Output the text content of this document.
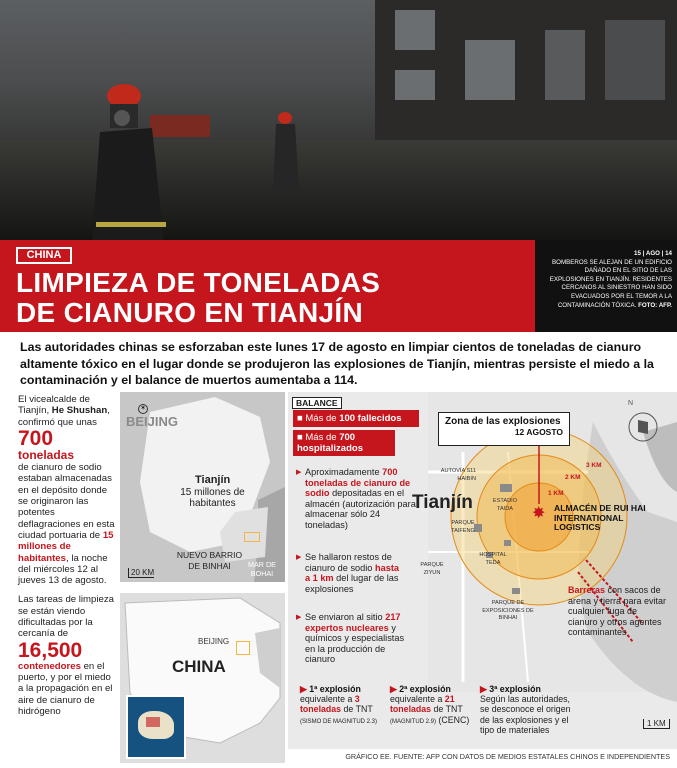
CHINA
LIMPIEZA DE TONELADAS
DE CIANURO EN TIANJÍN
15 | AGO | 14
BOMBEROS SE ALEJAN DE UN EDIFICIO DAÑADO EN EL SITIO DE LAS EXPLOSIONES EN TIANJÍN. RESIDENTES CERCANOS AL SINIESTRO HAN SIDO EVACUADOS POR EL TEMOR A LA CONTAMINACIÓN TÓXICA. FOTO: AFP.
Las autoridades chinas se esforzaban este lunes 17 de agosto en limpiar cientos de toneladas de cianuro altamente tóxico en el lugar donde se produjeron las explosiones de Tianjín, mientras persiste el miedo a la contaminación y el balance de muertos aumentaba a 114.

El vicealcalde de Tianjín, He Shushan, confirmó que unas
700
toneladas
de cianuro de sodio estaban almacenadas en el depósito donde se originaron las potentes deflagraciones en esta ciudad portuaria de 15 millones de habitantes, la noche del miércoles 12 al jueves 13 de agosto.

Las tareas de limpieza se están viendo dificultadas por la cercanía de
16,500
contenedores en el puerto, y por el miedo a la propagación en el aire de cianuro de hidrógeno

✶
BEIJING
Tianjín
15 millones de habitantes
NUEVO BARRIO DE BINHAI	MAR DE BOHAI
20 KM
BEIJING
CHINA
BALANCE
■ Más de 100 fallecidos
■ Más de 700 hospitalizados
▶ Aproximadamente 700 toneladas de cianuro de sodio depositadas en el almacén (autorización para almacenar sólo 24 toneladas)
▶ Se hallaron restos de cianuro de sodio hasta a 1 km del lugar de las explosiones
▶ Se enviaron al sitio 217 expertos nucleares y químicos y especialistas en la producción de cianuro
Zona de las explosiones
12 AGOSTO
Tianjín
3 KM
2 KM
1 KM
✸ ALMACÉN DE RUI HAI INTERNATIONAL LOGISTICS
AUTOVÍA S11 HAIBIN
ESTADIO TAIDA
PARQUE TAIFENG
HOSPITAL TEDA
PARQUE ZIYUN
PARQUE DE EXPOSICIONES DE BINHAI
N
Barreras con sacos de arena y tierra para evitar cualquier fuga de cianuro y otros agentes contaminantes
1 KM
▶ 1ª explosión
equivalente a 3 toneladas de TNT (SISMO DE MAGNITUD 2.3)
▶ 2ª explosión
equivalente a 21 toneladas de TNT (MAGNITUD 2.9) (CENC)
▶ 3ª explosión
Según las autoridades, se desconoce el origen de las explosiones y el tipo de materiales
GRÁFICO EE. FUENTE: AFP CON DATOS DE MEDIOS ESTATALES CHINOS E INDEPENDIENTES
